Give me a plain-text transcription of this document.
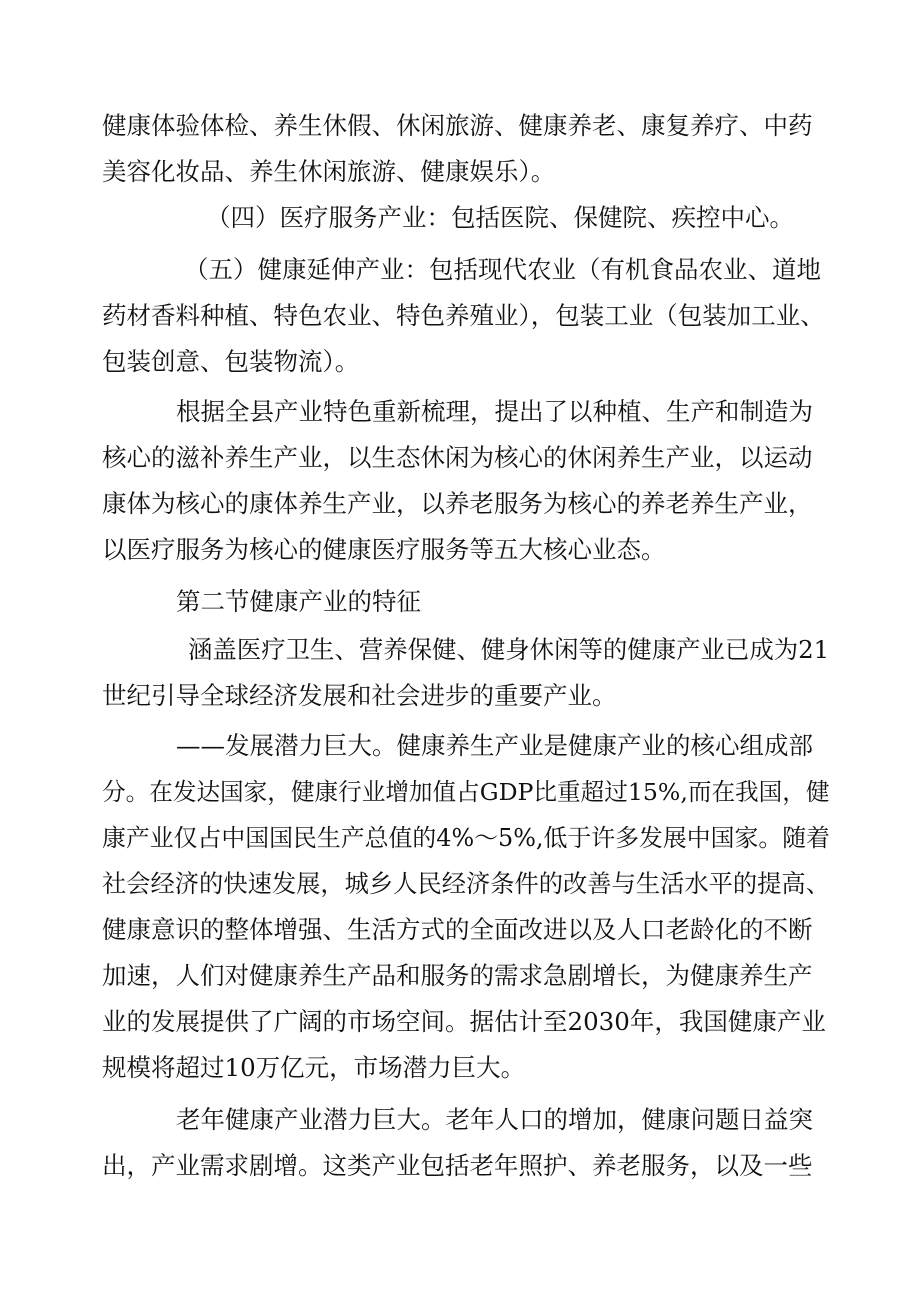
健康体验体检、养生休假、休闲旅游、健康养老、康复养疗、中药

美容化妆品、养生休闲旅游、健康娱乐）。

（四）医疗服务产业：包括医院、保健院、疾控中心。

（五）健康延伸产业：包括现代农业（有机食品农业、道地

药材香料种植、特色农业、特色养殖业），包装工业（包装加工业、

包装创意、包装物流）。

根据全县产业特色重新梳理，提出了以种植、生产和制造为

核心的滋补养生产业，以生态休闲为核心的休闲养生产业，以运动

康体为核心的康体养生产业，以养老服务为核心的养老养生产业，

以医疗服务为核心的健康医疗服务等五大核心业态。

第二节健康产业的特征

涵盖医疗卫生、营养保健、健身休闲等的健康产业已成为21

世纪引导全球经济发展和社会进步的重要产业。

——发展潜力巨大。健康养生产业是健康产业的核心组成部

分。在发达国家，健康行业增加值占GDP比重超过15%,而在我国，健

康产业仅占中国国民生产总值的4%～5%,低于许多发展中国家。随着

社会经济的快速发展，城乡人民经济条件的改善与生活水平的提高、

健康意识的整体增强、生活方式的全面改进以及人口老龄化的不断

加速，人们对健康养生产品和服务的需求急剧增长，为健康养生产

业的发展提供了广阔的市场空间。据估计至2030年，我国健康产业

规模将超过10万亿元，市场潜力巨大。

老年健康产业潜力巨大。老年人口的增加，健康问题日益突

出，产业需求剧增。这类产业包括老年照护、养老服务，以及一些
